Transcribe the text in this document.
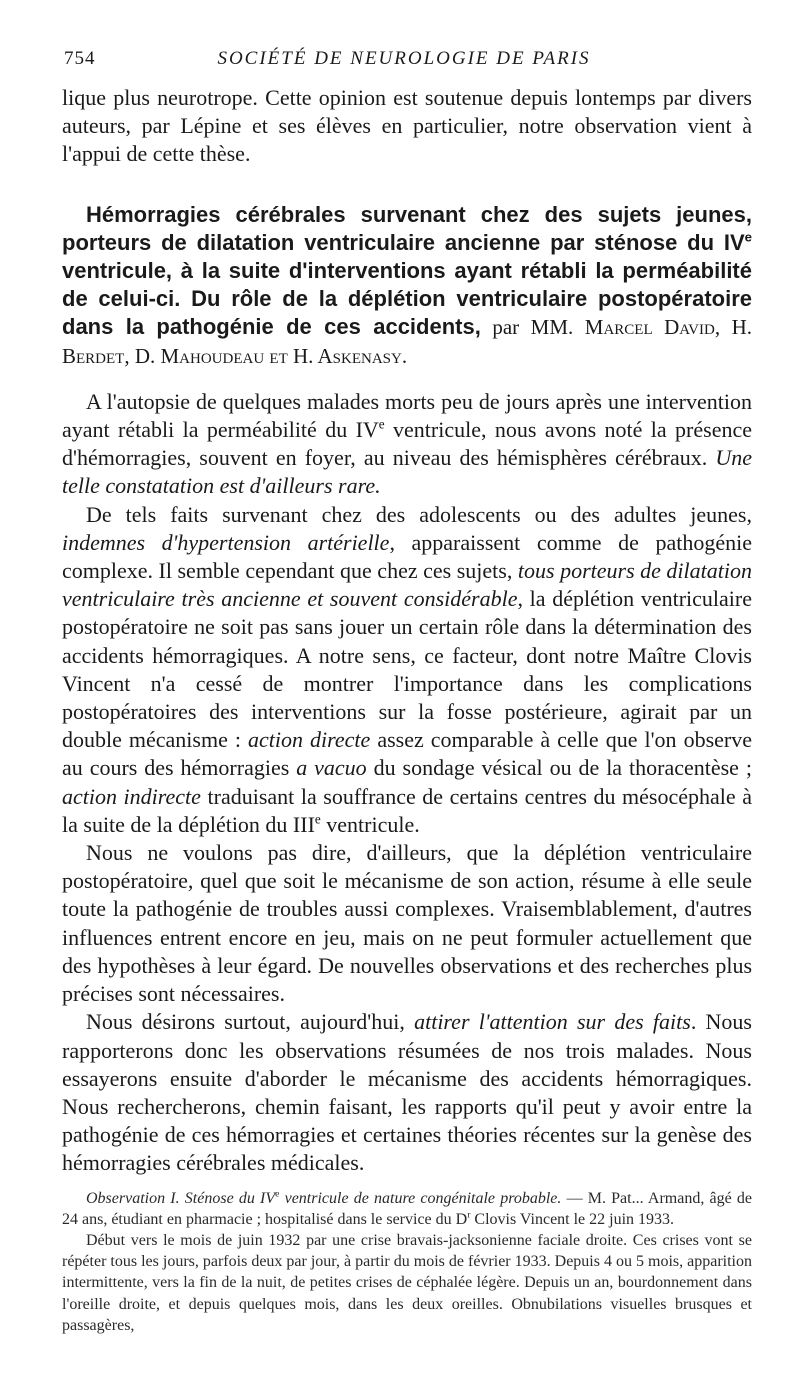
754	SOCIÉTÉ DE NEUROLOGIE DE PARIS

lique plus neurotrope. Cette opinion est soutenue depuis lontemps par divers auteurs, par Lépine et ses élèves en particulier, notre observation vient à l'appui de cette thèse.

Hémorragies cérébrales survenant chez des sujets jeunes, porteurs de dilatation ventriculaire ancienne par sténose du IVe ventricule, à la suite d'interventions ayant rétabli la perméabilité de celui-ci. Du rôle de la déplétion ventriculaire postopératoire dans la pathogénie de ces accidents, par MM. Marcel David, H. Berdet, D. Mahoudeau et H. Askenasy.

A l'autopsie de quelques malades morts peu de jours après une intervention ayant rétabli la perméabilité du IVe ventricule, nous avons noté la présence d'hémorragies, souvent en foyer, au niveau des hémisphères cérébraux. Une telle constatation est d'ailleurs rare.

De tels faits survenant chez des adolescents ou des adultes jeunes, indemnes d'hypertension artérielle, apparaissent comme de pathogénie complexe. Il semble cependant que chez ces sujets, tous porteurs de dilatation ventriculaire très ancienne et souvent considérable, la déplétion ventriculaire postopératoire ne soit pas sans jouer un certain rôle dans la détermination des accidents hémorragiques. A notre sens, ce facteur, dont notre Maître Clovis Vincent n'a cessé de montrer l'importance dans les complications postopératoires des interventions sur la fosse postérieure, agirait par un double mécanisme : action directe assez comparable à celle que l'on observe au cours des hémorragies a vacuo du sondage vésical ou de la thoracentèse ; action indirecte traduisant la souffrance de certains centres du mésocéphale à la suite de la déplétion du IIIe ventricule.

Nous ne voulons pas dire, d'ailleurs, que la déplétion ventriculaire postopératoire, quel que soit le mécanisme de son action, résume à elle seule toute la pathogénie de troubles aussi complexes. Vraisemblablement, d'autres influences entrent encore en jeu, mais on ne peut formuler actuellement que des hypothèses à leur égard. De nouvelles observations et des recherches plus précises sont nécessaires.

Nous désirons surtout, aujourd'hui, attirer l'attention sur des faits. Nous rapporterons donc les observations résumées de nos trois malades. Nous essayerons ensuite d'aborder le mécanisme des accidents hémorragiques. Nous rechercherons, chemin faisant, les rapports qu'il peut y avoir entre la pathogénie de ces hémorragies et certaines théories récentes sur la genèse des hémorragies cérébrales médicales.

Observation I. Sténose du IVe ventricule de nature congénitale probable. — M. Pat... Armand, âgé de 24 ans, étudiant en pharmacie ; hospitalisé dans le service du $D^r$ Clovis Vincent le 22 juin 1933.

Début vers le mois de juin 1932 par une crise bravais-jacksonienne faciale droite. Ces crises vont se répéter tous les jours, parfois deux par jour, à partir du mois de février 1933. Depuis 4 ou 5 mois, apparition intermittente, vers la fin de la nuit, de petites crises de céphalée légère. Depuis un an, bourdonnement dans l'oreille droite, et depuis quelques mois, dans les deux oreilles. Obnubilations visuelles brusques et passagères,
